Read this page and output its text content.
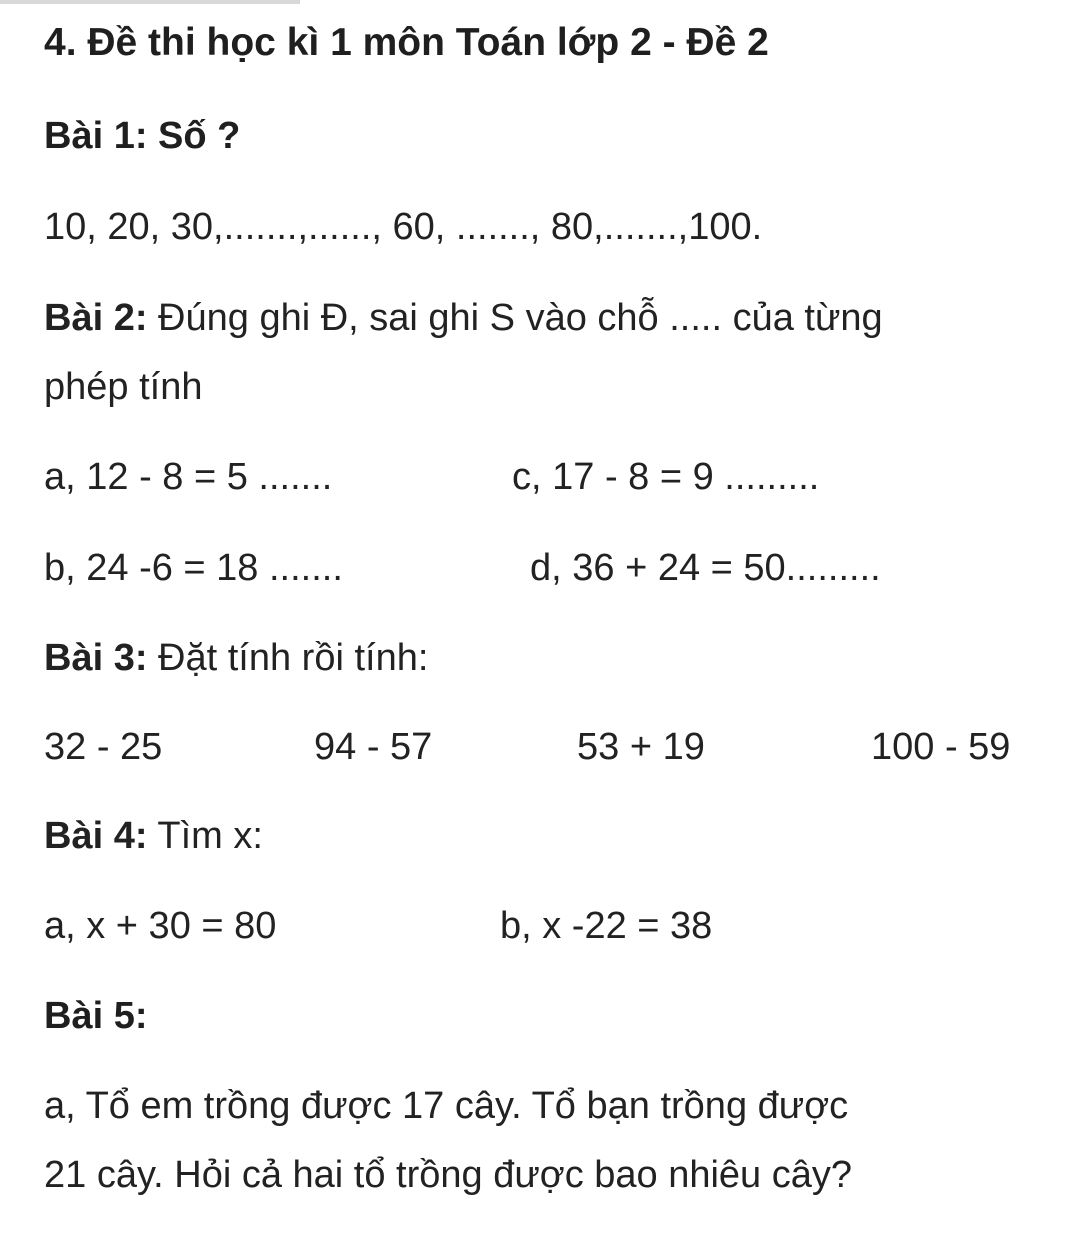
4. Đề thi học kì 1 môn Toán lớp 2 - Đề 2
Bài 1: Số ?
10, 20, 30,.......,......, 60, ......., 80,.......,100.
Bài 2: Đúng ghi Đ, sai ghi S vào chỗ ..... của từng
phép tính
a, 12 - 8 = 5 .......	c, 17 - 8 = 9 .........
b, 24 -6 = 18 .......	d, 36 + 24 = 50.........
Bài 3: Đặt tính rồi tính:
32 - 25	94 - 57	53 + 19	100 - 59
Bài 4: Tìm x:
a, x + 30 = 80	b, x -22 = 38
Bài 5:
a, Tổ em trồng được 17 cây. Tổ bạn trồng được
21 cây. Hỏi cả hai tổ trồng được bao nhiêu cây?
